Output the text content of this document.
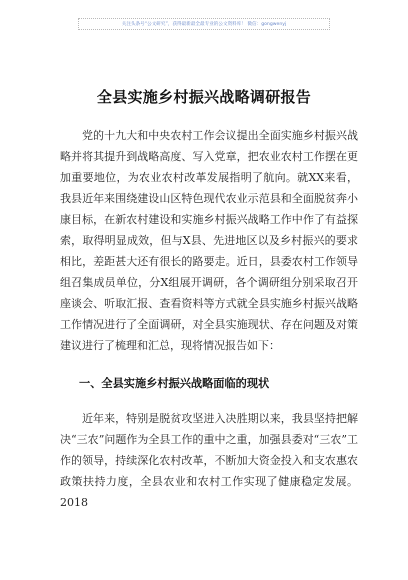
关注头条号“公文研究”，获得最新最全最专业的公文资料库！ 微信：gongwenyj
全县实施乡村振兴战略调研报告

党的十九大和中央农村工作会议提出全面实施乡村振兴战略并将其提升到战略高度、写入党章，把农业农村工作摆在更加重要地位，为农业农村改革发展指明了航向。就XX来看，我县近年来围绕建设山区特色现代农业示范县和全面脱贫奔小康目标，在新农村建设和实施乡村振兴战略工作中作了有益探索，取得明显成效，但与X县、先进地区以及乡村振兴的要求相比，差距甚大还有很长的路要走。近日，县委农村工作领导组召集成员单位，分X组展开调研，各个调研组分别采取召开座谈会、听取汇报、查看资料等方式就全县实施乡村振兴战略工作情况进行了全面调研，对全县实施现状、存在问题及对策建议进行了梳理和汇总，现将情况报告如下：

一、全县实施乡村振兴战略面临的现状

近年来，特别是脱贫攻坚进入决胜期以来，我县坚持把解决“三农”问题作为全县工作的重中之重，加强县委对“三农”工作的领导，持续深化农村改革，不断加大资金投入和支农惠农政策扶持力度，全县农业和农村工作实现了健康稳定发展。2018
